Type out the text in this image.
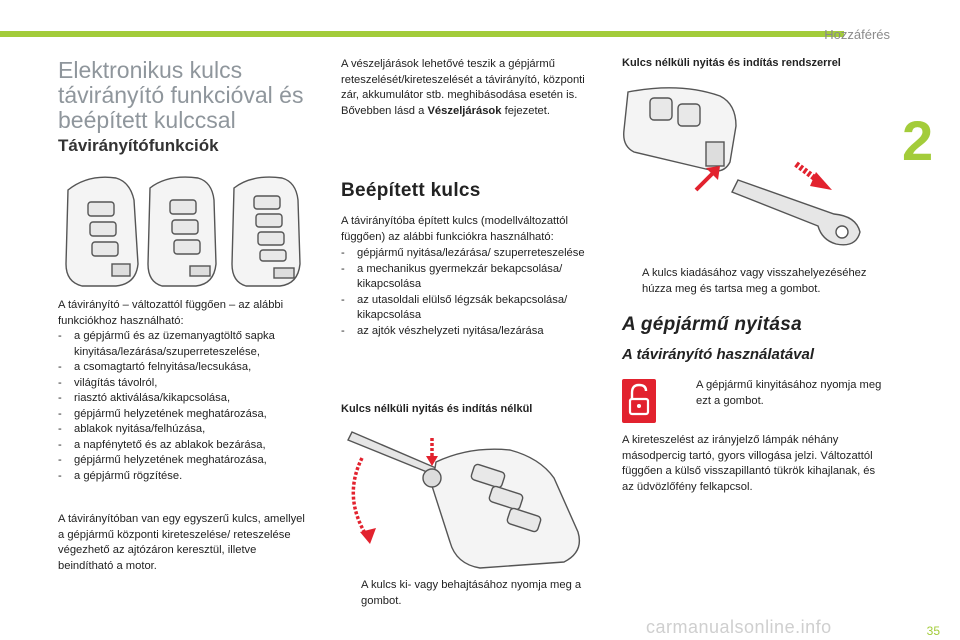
Hozzáférés
2
Elektronikus kulcs
távirányító funkcióval és
beépített kulccsal
Távirányítófunkciók
A távirányító – változattól függően – az alábbi funkciókhoz használható:
- a gépjármű és az üzemanyagtöltő sapka kinyitása/lezárása/szuperreteszelése,
- a csomagtartó felnyitása/lecsukása,
- világítás távolról,
- riasztó aktiválása/kikapcsolása,
- gépjármű helyzetének meghatározása,
- ablakok nyitása/felhúzása,
- a napfénytető és az ablakok bezárása,
- gépjármű helyzetének meghatározása,
- a gépjármű rögzítése.
A távirányítóban van egy egyszerű kulcs, amellyel a gépjármű központi kireteszelése/ reteszelése végezhető az ajtózáron keresztül, illetve beindítható a motor.
A vészeljárások lehetővé teszik a gépjármű reteszelését/kireteszelését a távirányító, központi zár, akkumulátor stb. meghibásodása esetén is. Bővebben lásd a Vészeljárások fejezetet.
Beépített kulcs
A távirányítóba épített kulcs (modellváltozattól függően) az alábbi funkciókra használható:
- gépjármű nyitása/lezárása/ szuperreteszelése
- a mechanikus gyermekzár bekapcsolása/ kikapcsolása
- az utasoldali elülső légzsák bekapcsolása/ kikapcsolása
- az ajtók vészhelyzeti nyitása/lezárása
Kulcs nélküli nyitás és indítás nélkül
A kulcs ki- vagy behajtásához nyomja meg a gombot.
Kulcs nélküli nyitás és indítás rendszerrel
A kulcs kiadásához vagy visszahelyezéséhez húzza meg és tartsa meg a gombot.
A gépjármű nyitása
A távirányító használatával
A gépjármű kinyitásához nyomja meg ezt a gombot.
A kireteszelést az irányjelző lámpák néhány másodpercig tartó, gyors villogása jelzi. Változattól függően a külső visszapillantó tükrök kihajlanak, és az üdvözlőfény felkapcsol.
carmanualsonline.info	35
